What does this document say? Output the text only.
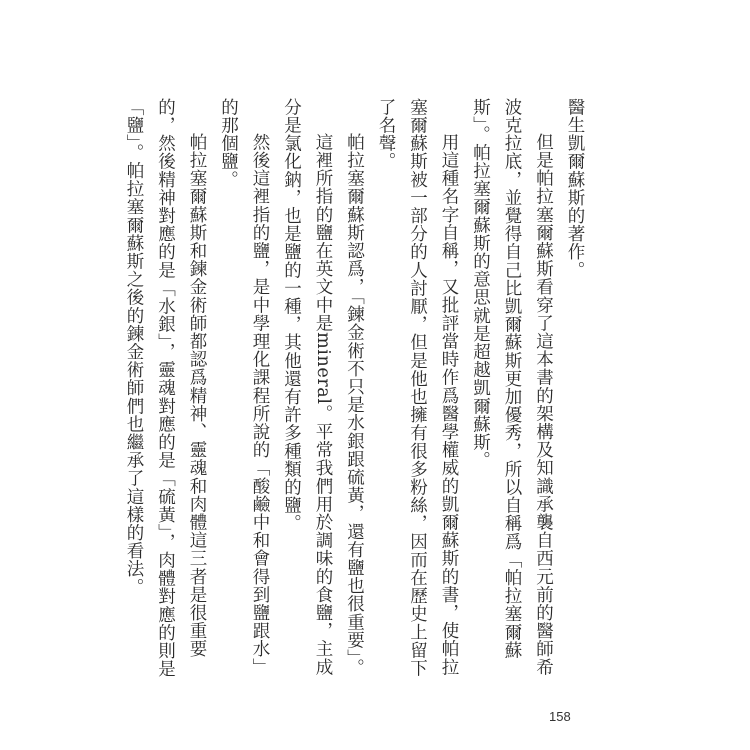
醫生凱爾蘇斯的著作。

但是帕拉塞爾蘇斯看穿了這本書的架構及知識承襲自西元前的醫師希波克拉底，並覺得自己比凱爾蘇斯更加優秀，所以自稱爲「帕拉塞爾蘇斯」。帕拉塞爾蘇斯的意思就是超越凱爾蘇斯。

用這種名字自稱，又批評當時作爲醫學權威的凱爾蘇斯的書，使帕拉塞爾蘇斯被一部分的人討厭，但是他也擁有很多粉絲，因而在歷史上留下了名聲。

帕拉塞爾蘇斯認爲，「鍊金術不只是水銀跟硫黃，還有鹽也很重要」。

這裡所指的鹽在英文中是mineral。平常我們用於調味的食鹽，主成分是氯化鈉，也是鹽的一種，其他還有許多種類的鹽。

然後這裡指的鹽，是中學理化課程所說的「酸鹼中和會得到鹽跟水」的那個鹽。

帕拉塞爾蘇斯和鍊金術師都認爲精神、靈魂和肉體這三者是很重要的，然後精神對應的是「水銀」，靈魂對應的是「硫黃」，肉體對應的則是「鹽」。帕拉塞爾蘇斯之後的鍊金術師們也繼承了這樣的看法。

158
